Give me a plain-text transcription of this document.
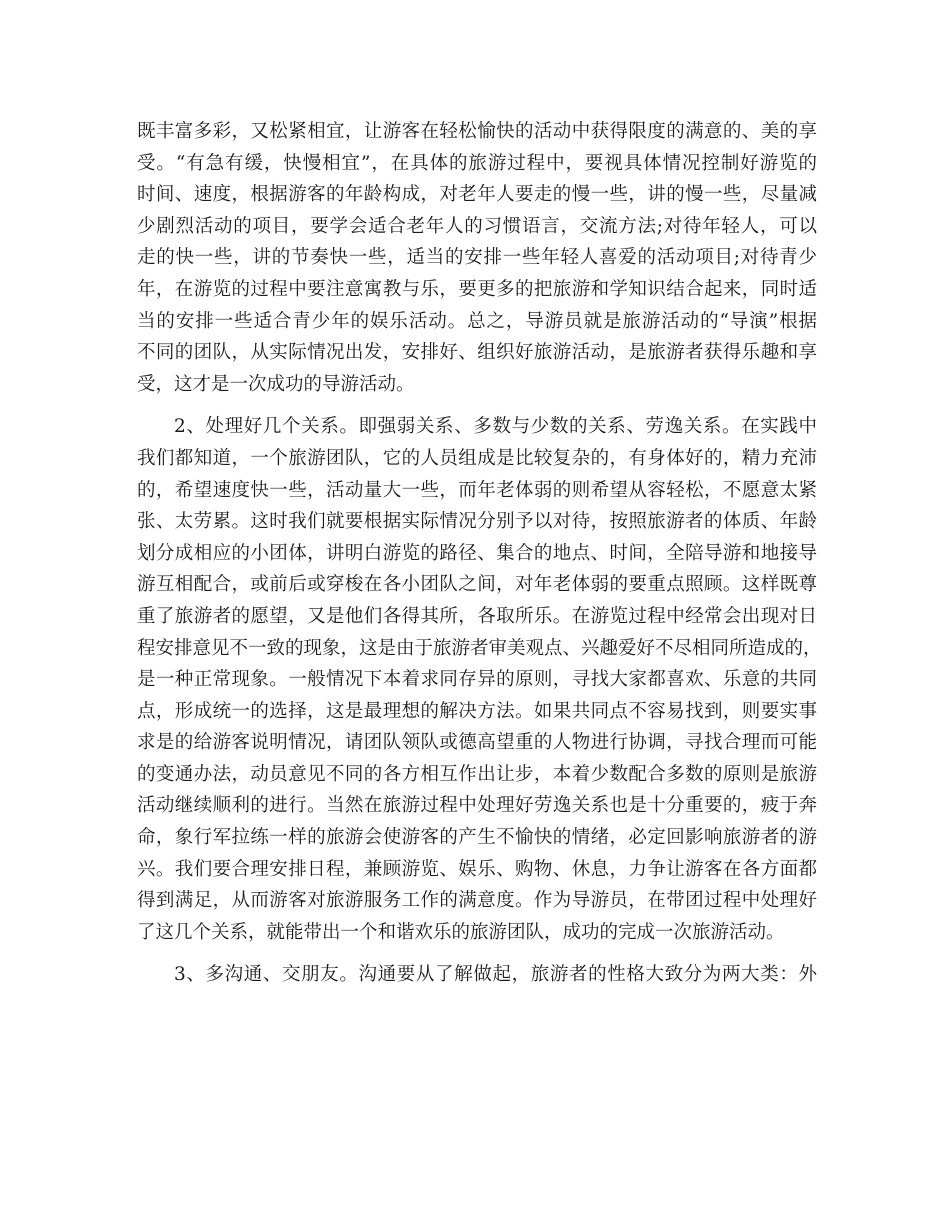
既丰富多彩，又松紧相宜，让游客在轻松愉快的活动中获得限度的满意的、美的享
受。“有急有缓，快慢相宜”，在具体的旅游过程中，要视具体情况控制好游览的
时间、速度，根据游客的年龄构成，对老年人要走的慢一些，讲的慢一些，尽量减
少剧烈活动的项目，要学会适合老年人的习惯语言，交流方法;对待年轻人，可以
走的快一些，讲的节奏快一些，适当的安排一些年轻人喜爱的活动项目;对待青少
年，在游览的过程中要注意寓教与乐，要更多的把旅游和学知识结合起来，同时适
当的安排一些适合青少年的娱乐活动。总之，导游员就是旅游活动的“导演”根据
不同的团队，从实际情况出发，安排好、组织好旅游活动，是旅游者获得乐趣和享
受，这才是一次成功的导游活动。
2、处理好几个关系。即强弱关系、多数与少数的关系、劳逸关系。在实践中
我们都知道，一个旅游团队，它的人员组成是比较复杂的，有身体好的，精力充沛
的，希望速度快一些，活动量大一些，而年老体弱的则希望从容轻松，不愿意太紧
张、太劳累。这时我们就要根据实际情况分别予以对待，按照旅游者的体质、年龄
划分成相应的小团体，讲明白游览的路径、集合的地点、时间，全陪导游和地接导
游互相配合，或前后或穿梭在各小团队之间，对年老体弱的要重点照顾。这样既尊
重了旅游者的愿望，又是他们各得其所，各取所乐。在游览过程中经常会出现对日
程安排意见不一致的现象，这是由于旅游者审美观点、兴趣爱好不尽相同所造成的，
是一种正常现象。一般情况下本着求同存异的原则，寻找大家都喜欢、乐意的共同
点，形成统一的选择，这是最理想的解决方法。如果共同点不容易找到，则要实事
求是的给游客说明情况，请团队领队或德高望重的人物进行协调，寻找合理而可能
的变通办法，动员意见不同的各方相互作出让步，本着少数配合多数的原则是旅游
活动继续顺利的进行。当然在旅游过程中处理好劳逸关系也是十分重要的，疲于奔
命，象行军拉练一样的旅游会使游客的产生不愉快的情绪，必定回影响旅游者的游
兴。我们要合理安排日程，兼顾游览、娱乐、购物、休息，力争让游客在各方面都
得到满足，从而游客对旅游服务工作的满意度。作为导游员，在带团过程中处理好
了这几个关系，就能带出一个和谐欢乐的旅游团队，成功的完成一次旅游活动。
3、多沟通、交朋友。沟通要从了解做起，旅游者的性格大致分为两大类：外
